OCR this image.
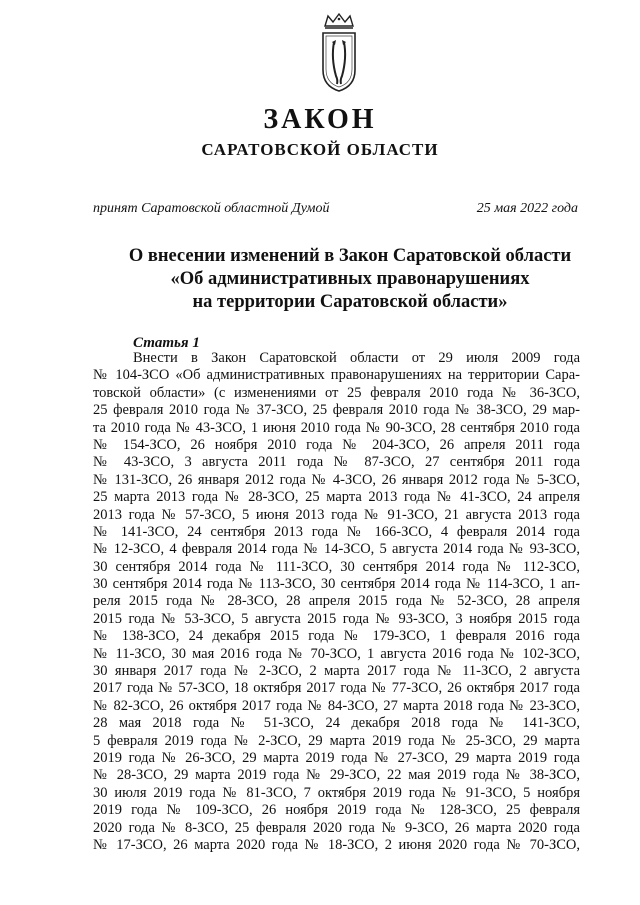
ЗАКОН
САРАТОВСКОЙ ОБЛАСТИ
принят Саратовской областной Думой	25 мая 2022 года
О внесении изменений в Закон Саратовской области
«Об административных правонарушениях
на территории Саратовской области»
Статья 1
Внести в Закон Саратовской области от 29 июля 2009 года
№ 104-ЗСО «Об административных правонарушениях на территории Сара-
товской области» (с изменениями от 25 февраля 2010 года № 36-ЗСО,
25 февраля 2010 года № 37-ЗСО, 25 февраля 2010 года № 38-ЗСО, 29 мар-
та 2010 года № 43-ЗСО, 1 июня 2010 года № 90-ЗСО, 28 сентября 2010 года
№ 154-ЗСО, 26 ноября 2010 года № 204-ЗСО, 26 апреля 2011 года
№ 43-ЗСО, 3 августа 2011 года № 87-ЗСО, 27 сентября 2011 года
№ 131-ЗСО, 26 января 2012 года № 4-ЗСО, 26 января 2012 года № 5-ЗСО,
25 марта 2013 года № 28-ЗСО, 25 марта 2013 года № 41-ЗСО, 24 апреля
2013 года № 57-ЗСО, 5 июня 2013 года № 91-ЗСО, 21 августа 2013 года
№ 141-ЗСО, 24 сентября 2013 года № 166-ЗСО, 4 февраля 2014 года
№ 12-ЗСО, 4 февраля 2014 года № 14-ЗСО, 5 августа 2014 года № 93-ЗСО,
30 сентября 2014 года № 111-ЗСО, 30 сентября 2014 года № 112-ЗСО,
30 сентября 2014 года № 113-ЗСО, 30 сентября 2014 года № 114-ЗСО, 1 ап-
реля 2015 года № 28-ЗСО, 28 апреля 2015 года № 52-ЗСО, 28 апреля
2015 года № 53-ЗСО, 5 августа 2015 года № 93-ЗСО, 3 ноября 2015 года
№ 138-ЗСО, 24 декабря 2015 года № 179-ЗСО, 1 февраля 2016 года
№ 11-ЗСО, 30 мая 2016 года № 70-ЗСО, 1 августа 2016 года № 102-ЗСО,
30 января 2017 года № 2-ЗСО, 2 марта 2017 года № 11-ЗСО, 2 августа
2017 года № 57-ЗСО, 18 октября 2017 года № 77-ЗСО, 26 октября 2017 года
№ 82-ЗСО, 26 октября 2017 года № 84-ЗСО, 27 марта 2018 года № 23-ЗСО,
28 мая 2018 года № 51-ЗСО, 24 декабря 2018 года № 141-ЗСО,
5 февраля 2019 года № 2-ЗСО, 29 марта 2019 года № 25-ЗСО, 29 марта
2019 года № 26-ЗСО, 29 марта 2019 года № 27-ЗСО, 29 марта 2019 года
№ 28-ЗСО, 29 марта 2019 года № 29-ЗСО, 22 мая 2019 года № 38-ЗСО,
30 июля 2019 года № 81-ЗСО, 7 октября 2019 года № 91-ЗСО, 5 ноября
2019 года № 109-ЗСО, 26 ноября 2019 года № 128-ЗСО, 25 февраля
2020 года № 8-ЗСО, 25 февраля 2020 года № 9-ЗСО, 26 марта 2020 года
№ 17-ЗСО, 26 марта 2020 года № 18-ЗСО, 2 июня 2020 года № 70-ЗСО,
